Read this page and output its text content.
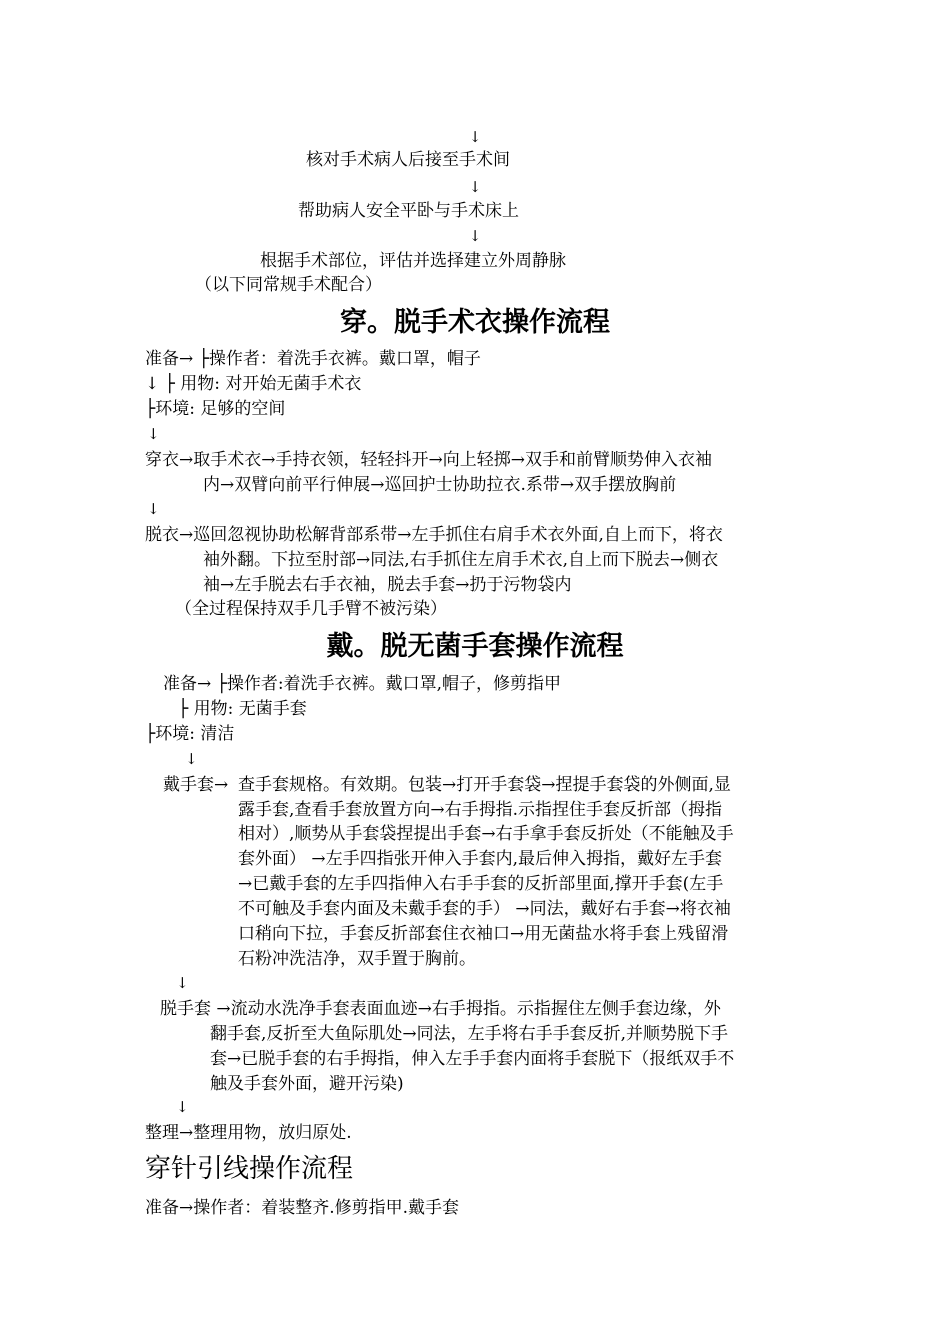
↓
核对手术病人后接至手术间
↓
帮助病人安全平卧与手术床上
↓
根据手术部位，评估并选择建立外周静脉
（以下同常规手术配合）
穿。脱手术衣操作流程
准备→ ├操作者：着洗手衣裤。戴口罩，帽子
↓ ├ 用物: 对开始无菌手术衣
├环境: 足够的空间
↓
穿衣→取手术衣→手持衣领，轻轻抖开→向上轻掷→双手和前臂顺势伸入衣袖
内→双臂向前平行伸展→巡回护士协助拉衣.系带→双手摆放胸前
↓
脱衣→巡回忽视协助松解背部系带→左手抓住右肩手术衣外面,自上而下，将衣
袖外翻。下拉至肘部→同法,右手抓住左肩手术衣,自上而下脱去→侧衣
袖→左手脱去右手衣袖，脱去手套→扔于污物袋内
（全过程保持双手几手臂不被污染）
戴。脱无菌手套操作流程
准备→ ├操作者:着洗手衣裤。戴口罩,帽子，修剪指甲
├ 用物: 无菌手套
├环境: 清洁
↓
戴手套→ 查手套规格。有效期。包装→打开手套袋→捏提手套袋的外侧面,显
露手套,查看手套放置方向→右手拇指.示指捏住手套反折部（拇指
相对）,顺势从手套袋捏提出手套→右手拿手套反折处（不能触及手
套外面） →左手四指张开伸入手套内,最后伸入拇指，戴好左手套
→已戴手套的左手四指伸入右手手套的反折部里面,撑开手套(左手
不可触及手套内面及未戴手套的手） →同法，戴好右手套→将衣袖
口稍向下拉，手套反折部套住衣袖口→用无菌盐水将手套上残留滑
石粉冲洗洁净，双手置于胸前。
↓
脱手套 →流动水洗净手套表面血迹→右手拇指。示指握住左侧手套边缘，外
翻手套,反折至大鱼际肌处→同法，左手将右手手套反折,并顺势脱下手
套→已脱手套的右手拇指，伸入左手手套内面将手套脱下（报纸双手不
触及手套外面，避开污染)
↓
整理→整理用物，放归原处.
穿针引线操作流程
准备→操作者：着装整齐.修剪指甲.戴手套
